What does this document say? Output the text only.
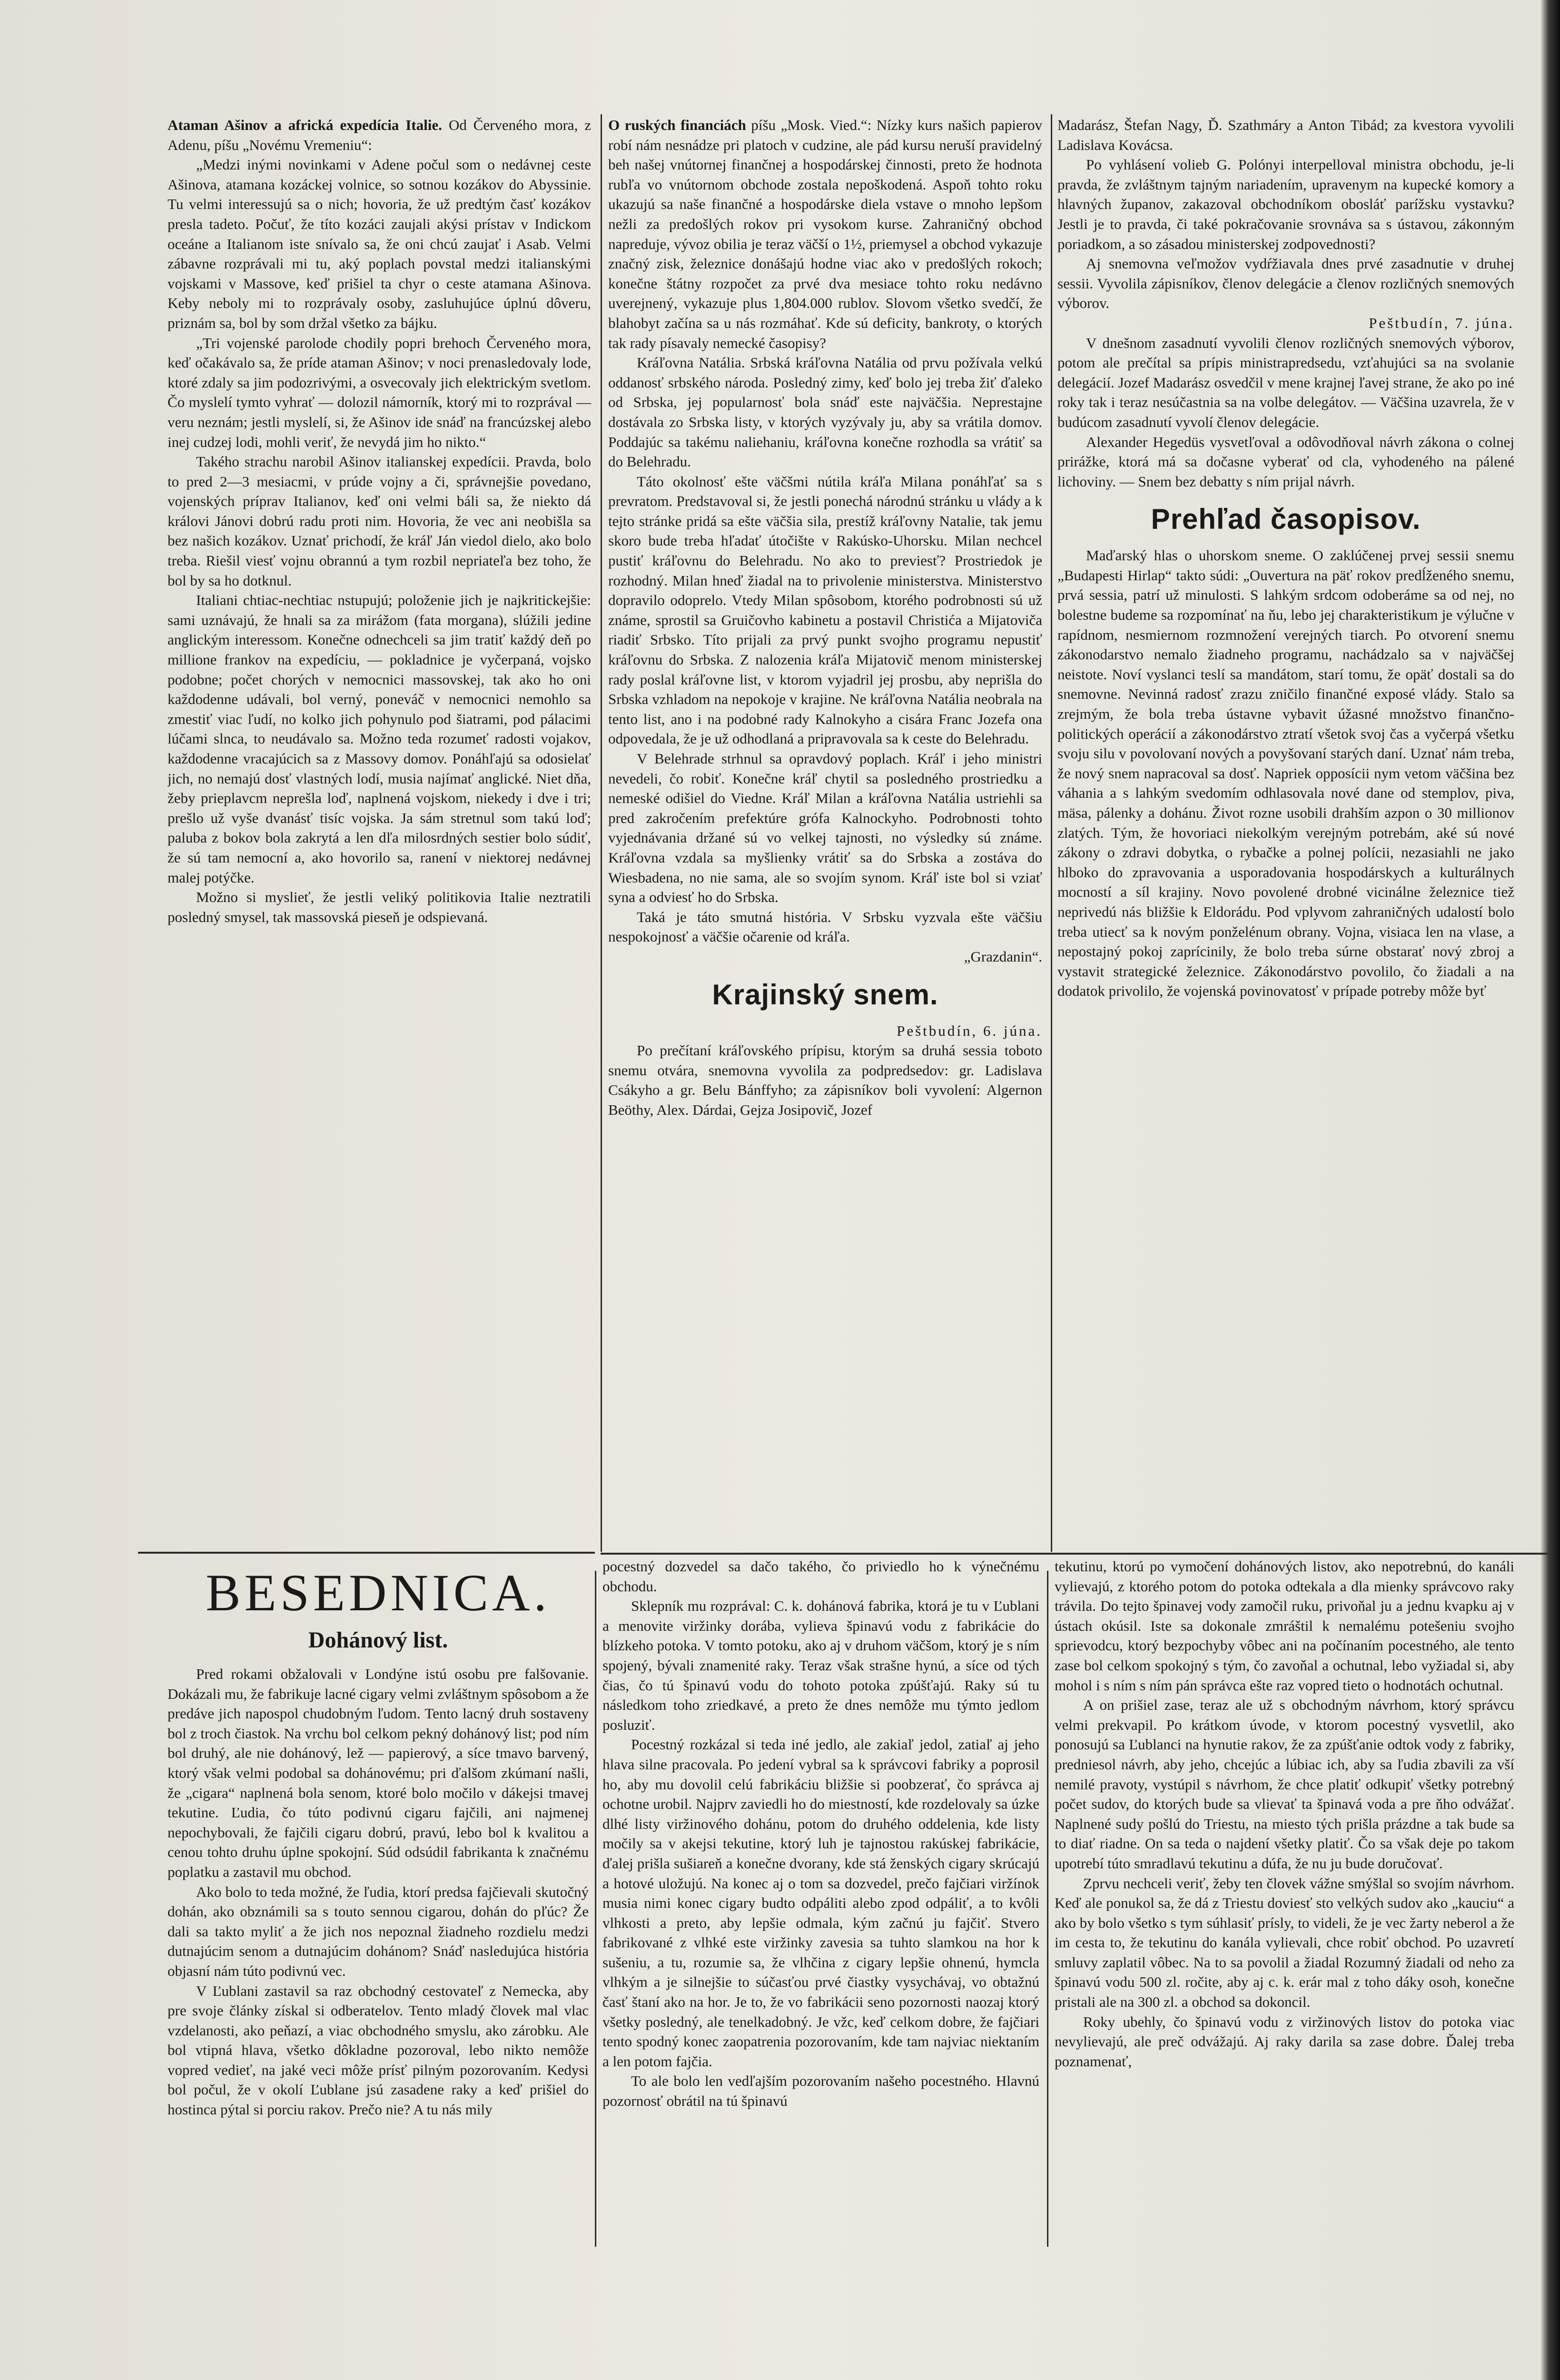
Ataman Ašinov a africká expedícia Italie. Od Červeného mora, z Adenu, píšu „Novému Vremeniu“:

„Medzi inými novinkami v Adene počul som o nedávnej ceste Ašinova, atamana kozáckej volnice, so sotnou kozákov do Abyssinie. Tu velmi interessujú sa o nich; hovoria, že už predtým časť kozákov presla tadeto. Počuť, že títo kozáci zaujali akýsi prístav v Indickom oceáne a Italianom iste snívalo sa, že oni chcú zaujať i Asab. Velmi zábavne rozprávali mi tu, aký poplach povstal medzi italianskými vojskami v Massove, keď prišiel ta chyr o ceste atamana Ašinova. Keby neboly mi to rozprávaly osoby, zasluhujúce úplnú dôveru, priznám sa, bol by som držal všetko za bájku.

„Tri vojenské parolode chodily popri brehoch Červeného mora, keď očakávalo sa, že príde ataman Ašinov; v noci prenasledovaly lode, ktoré zdaly sa jim podozrivými, a osvecovaly jich elektrickým svetlom. Čo myslelí tymto vyhrať — dolozil námorník, ktorý mi to rozprával — veru neznám; jestli myslelí, si, že Ašinov ide snáď na francúzskej alebo inej cudzej lodi, mohli veriť, že nevydá jim ho nikto.“

Takého strachu narobil Ašinov italianskej expedícii. Pravda, bolo to pred 2—3 mesiacmi, v prúde vojny a či, správnejšie povedano, vojenských príprav Italianov, keď oni velmi báli sa, že niekto dá královi Jánovi dobrú radu proti nim. Hovoria, že vec ani neobišla sa bez našich kozákov. Uznať prichodí, že kráľ Ján viedol dielo, ako bolo treba. Riešil viesť vojnu obrannú a tym rozbil nepriateľa bez toho, že bol by sa ho dotknul.

Italiani chtiac-nechtiac nstupujú; položenie jich je najkritickejšie: sami uznávajú, že hnali sa za mirážom (fata morgana), slúžili jedine anglickým interessom. Konečne odnechceli sa jim tratiť každý deň po millione frankov na expedíciu, — pokladnice je vyčerpaná, vojsko podobne; počet chorých v nemocnici massovskej, tak ako ho oni každodenne udávali, bol verný, poneváč v nemocnici nemohlo sa zmestiť viac ľudí, no kolko jich pohynulo pod šiatrami, pod pálacimi lúčami slnca, to neudávalo sa. Možno teda rozumeť radosti vojakov, každodenne vracajúcich sa z Massovy domov. Ponáhľajú sa odosielať jich, no nemajú dosť vlastných lodí, musia najímať anglické. Niet dňa, žeby prieplavcm neprešla loď, naplnená vojskom, niekedy i dve i tri; prešlo už vyše dvanásť tisíc vojska. Ja sám stretnul som takú loď; paluba z bokov bola zakrytá a len dľa milosrdných sestier bolo súdiť, že sú tam nemocní a, ako hovorilo sa, ranení v niektorej nedávnej malej potýčke.

Možno si myslieť, že jestli veliký politikovia Italie neztratili posledný smysel, tak massovská pieseň je odspievaná.

O ruských financiách píšu „Mosk. Vied.“: Nízky kurs našich papierov robí nám nesnádze pri platoch v cudzine, ale pád kursu neruší pravidelný beh našej vnútornej finančnej a hospodárskej činnosti, preto že hodnota rubľa vo vnútornom obchode zostala nepoškodená. Aspoň tohto roku ukazujú sa naše finančné a hospodárske diela vstave o mnoho lepšom nežli za predošlých rokov pri vysokom kurse. Zahraničný obchod napreduje, vývoz obilia je teraz väčší o 1½, priemysel a obchod vykazuje značný zisk, železnice donášajú hodne viac ako v predošlých rokoch; konečne štátny rozpočet za prvé dva mesiace tohto roku nedávno uverejnený, vykazuje plus 1,804.000 rublov. Slovom všetko svedčí, že blahobyt začína sa u nás rozmáhať. Kde sú deficity, bankroty, o ktorých tak rady písavaly nemecké časopisy?

Kráľovna Natália. Srbská kráľovna Natália od prvu požívala velkú oddanosť srbského národa. Posledný zimy, keď bolo jej treba žiť ďaleko od Srbska, jej popularnosť bola snáď este najväčšia. Neprestajne dostávala zo Srbska listy, v ktorých vyzývaly ju, aby sa vrátila domov. Poddajúc sa takému naliehaniu, kráľovna konečne rozhodla sa vrátiť sa do Belehradu.

Táto okolnosť ešte väčšmi nútila kráľa Milana ponáhľať sa s prevratom. Predstavoval si, že jestli ponechá národnú stránku u vlády a k tejto stránke pridá sa ešte väčšia sila, prestíž kráľovny Natalie, tak jemu skoro bude treba hľadať útočište v Rakúsko-Uhorsku. Milan nechcel pustiť kráľovnu do Belehradu. No ako to previesť? Prostriedok je rozhodný. Milan hneď žiadal na to privolenie ministerstva. Ministerstvo dopravilo odoprelo. Vtedy Milan spôsobom, ktorého podrobnosti sú už známe, sprostil sa Gruičovho kabinetu a postavil Christića a Mijatoviča riadiť Srbsko. Títo prijali za prvý punkt svojho programu nepustiť kráľovnu do Srbska. Z nalozenia kráľa Mijatovič menom ministerskej rady poslal kráľovne list, v ktorom vyjadril jej prosbu, aby neprišla do Srbska vzhladom na nepokoje v krajine. Ne kráľovna Natália neobrala na tento list, ano i na podobné rady Kalnokyho a cisára Franc Jozefa ona odpovedala, že je už odhodlaná a pripravovala sa k ceste do Belehradu.

V Belehrade strhnul sa opravdový poplach. Kráľ i jeho ministri nevedeli, čo robiť. Konečne kráľ chytil sa posledného prostriedku a nemeské odišiel do Viedne. Kráľ Milan a kráľovna Natália ustriehli sa pred zakročením prefektúre grófa Kalnockyho. Podrobnosti tohto vyjednávania držané sú vo velkej tajnosti, no výsledky sú známe. Kráľovna vzdala sa myšlienky vrátiť sa do Srbska a zostáva do Wiesbadena, no nie sama, ale so svojím synom. Kráľ iste bol si vziať syna a odviesť ho do Srbska.

Taká je táto smutná história. V Srbsku vyzvala ešte väčšiu nespokojnosť a väčšie očarenie od kráľa.

„Grazdanin“.

Krajinský snem.

Peštbudín, 6. júna.

Po prečítaní kráľovského prípisu, ktorým sa druhá sessia toboto snemu otvára, snemovna vyvolila za podpredsedov: gr. Ladislava Csákyho a gr. Belu Bánffyho; za zápisníkov boli vyvolení: Algernon Beöthy, Alex. Dárdai, Gejza Josipovič, Jozef

Madarász, Štefan Nagy, Ď. Szathmáry a Anton Tibád; za kvestora vyvolili Ladislava Kovácsa.

Po vyhlásení volieb G. Polónyi interpelloval ministra obchodu, je-li pravda, že zvláštnym tajným nariadením, upravenym na kupecké komory a hlavných županov, zakazoval obchodníkom obosláť parížsku vystavku? Jestli je to pravda, či také pokračovanie srovnáva sa s ústavou, zákonným poriadkom, a so zásadou ministerskej zodpovednosti?

Aj snemovna veľmožov vydŕžiavala dnes prvé zasadnutie v druhej sessii. Vyvolila zápisníkov, členov delegácie a členov rozličných snemových výborov.

Peštbudín, 7. júna.

V dnešnom zasadnutí vyvolili členov rozličných snemových výborov, potom ale prečítal sa prípis ministrapredsedu, vzťahujúci sa na svolanie delegácií. Jozef Madarász osvedčil v mene krajnej ľavej strane, že ako po iné roky tak i teraz nesúčastnia sa na volbe delegátov. — Väčšina uzavrela, že v budúcom zasadnutí vyvolí členov delegácie.

Alexander Hegedüs vysvetľoval a odôvodňoval návrh zákona o colnej prirážke, ktorá má sa dočasne vyberať od cla, vyhodeného na pálené lichoviny. — Snem bez debatty s ním prijal návrh.

Prehľad časopisov.

Maďarský hlas o uhorskom sneme. O zaklúčenej prvej sessii snemu „Budapesti Hirlap“ takto súdi: „Ouvertura na päť rokov predĺženého snemu, prvá sessia, patrí už minulosti. S lahkým srdcom odoberáme sa od nej, no bolestne budeme sa rozpomínať na ňu, lebo jej charakteristikum je výlučne v rapídnom, nesmiernom rozmnožení verejných tiarch. Po otvorení snemu zákonodarstvo nemalo žiadneho programu, nachádzalo sa v najväčšej neistote. Noví vyslanci teslí sa mandátom, starí tomu, že opäť dostali sa do snemovne. Nevinná radosť zrazu zničilo finančné exposé vlády. Stalo sa zrejmým, že bola treba ústavne vybavit úžasné množstvo finančno-politických operácií a zákonodárstvo ztratí všetok svoj čas a vyčerpá všetku svoju silu v povolovaní nových a povyšovaní starých daní. Uznať nám treba, že nový snem napracoval sa dosť. Napriek opposícii nym vetom väčšina bez váhania a s lahkým svedomím odhlasovala nové dane od stemplov, piva, mäsa, pálenky a dohánu. Život rozne usobili drahším azpon o 30 millionov zlatých. Tým, že hovoriaci niekolkým verejným potrebám, aké sú nové zákony o zdravi dobytka, o rybačke a polnej polícii, nezasiahli ne jako hlboko do zpravovania a usporadovania hospodárskych a kulturálnych mocností a síl krajiny. Novo povolené drobné vicinálne železnice tiež neprivedú nás bližšie k Eldorádu. Pod vplyvom zahraničných udalostí bolo treba utiecť sa k novým ponželénum obrany. Vojna, visiaca len na vlase, a nepostajný pokoj zaprícinily, že bolo treba súrne obstarať nový zbroj a vystavit strategické železnice. Zákonodárstvo povolilo, čo žiadali a na dodatok privolilo, že vojenská povinovatosť v prípade potreby môže byť

BESEDNICA.
Dohánový list.

Pred rokami obžalovali v Londýne istú osobu pre falšovanie. Dokázali mu, že fabrikuje lacné cigary velmi zvláštnym spôsobom a že predáve jich napospol chudobným ľudom. Tento lacný druh sostaveny bol z troch čiastok. Na vrchu bol celkom pekný dohánový list; pod ním bol druhý, ale nie dohánový, lež — papierový, a síce tmavo barvený, ktorý však velmi podobal sa dohánovému; pri ďalšom zkúmaní našli, že „cigara“ naplnená bola senom, ktoré bolo močilo v dákejsi tmavej tekutine. Ľudia, čo túto podivnú cigaru fajčili, ani najmenej nepochybovali, že fajčili cigaru dobrú, pravú, lebo bol k kvalitou a cenou tohto druhu úplne spokojní. Súd odsúdil fabrikanta k značnému poplatku a zastavil mu obchod.

Ako bolo to teda možné, že ľudia, ktorí predsa fajčievali skutočný dohán, ako obznámili sa s touto sennou cigarou, dohán do pľúc? Že dali sa takto myliť a že jich nos nepoznal žiadneho rozdielu medzi dutnajúcim senom a dutnajúcim dohánom? Snáď nasledujúca história objasní nám túto podivnú vec.

V Ľublani zastavil sa raz obchodný cestovateľ z Nemecka, aby pre svoje články získal si odberatelov. Tento mladý človek mal vlac vzdelanosti, ako peňazí, a viac obchodného smyslu, ako zárobku. Ale bol vtipná hlava, všetko dôkladne pozoroval, lebo nikto nemôže vopred vedieť, na jaké veci môže prísť pilným pozorovaním. Kedysi bol počul, že v okolí Ľublane jsú zasadene raky a keď prišiel do hostinca pýtal si porciu rakov. Prečo nie? A tu nás mily

pocestný dozvedel sa dačo takého, čo priviedlo ho k výnečnému obchodu.

Sklepník mu rozprával: C. k. dohánová fabrika, ktorá je tu v Ľublani a menovite viržinky dorába, vylieva špinavú vodu z fabrikácie do blízkeho potoka. V tomto potoku, ako aj v druhom väčšom, ktorý je s ním spojený, bývali znamenité raky. Teraz však strašne hynú, a síce od tých čias, čo tú špinavú vodu do tohoto potoka zpúšťajú. Raky sú tu následkom toho zriedkavé, a preto že dnes nemôže mu týmto jedlom posluziť.

Pocestný rozkázal si teda iné jedlo, ale zakiaľ jedol, zatiaľ aj jeho hlava silne pracovala. Po jedení vybral sa k správcovi fabriky a poprosil ho, aby mu dovolil celú fabrikáciu bližšie si poobzerať, čo správca aj ochotne urobil. Najprv zaviedli ho do miestností, kde rozdelovaly sa úzke dlhé listy viržinového dohánu, potom do druhého oddelenia, kde listy močily sa v akejsi tekutine, ktorý luh je tajnostou rakúskej fabrikácie, ďalej prišla sušiareň a konečne dvorany, kde stá ženských cigary skrúcajú a hotové uložujú. Na konec aj o tom sa dozvedel, prečo fajčiari viržínok musia nimi konec cigary budto odpáliti alebo zpod odpáliť, a to kvôli vlhkosti a preto, aby lepšie odmala, kým začnú ju fajčiť. Stvero fabrikované z vlhké este viržinky zavesia sa tuhto slamkou na hor k sušeniu, a tu, rozumie sa, že vlhčina z cigary lepšie ohnenú, hymcla vlhkým a je silnejšie to súčasťou prvé čiastky vysychávaj, vo obtažnú časť štaní ako na hor. Je to, že vo fabrikácii seno pozornosti naozaj ktorý všetky posledný, ale tenelkadobný. Je vžc, keď celkom dobre, že fajčiari tento spodný konec zaopatrenia pozorovaním, kde tam najviac niektaním a len potom fajčia.

To ale bolo len vedľajším pozorovaním našeho pocestného. Hlavnú pozornosť obrátil na tú špinavú

tekutinu, ktorú po vymočení dohánových listov, ako nepotrebnú, do kanáli vylievajú, z ktorého potom do potoka odtekala a dla mienky správcovo raky trávila. Do tejto špinavej vody zamočil ruku, privoňal ju a jednu kvapku aj v ústach okúsil. Iste sa dokonale zmráštil k nemalému potešeniu svojho sprievodcu, ktorý bezpochyby vôbec ani na počínaním pocestného, ale tento zase bol celkom spokojný s tým, čo zavoňal a ochutnal, lebo vyžiadal si, aby mohol i s ním s ním pán správca ešte raz vopred tieto o hodnotách ochutnal.

A on prišiel zase, teraz ale už s obchodným návrhom, ktorý správcu velmi prekvapil. Po krátkom úvode, v ktorom pocestný vysvetlil, ako ponosujú sa Ľublanci na hynutie rakov, že za zpúšťanie odtok vody z fabriky, predniesol návrh, aby jeho, chcejúc a lúbiac ich, aby sa ľudia zbavili za vší nemilé pravoty, vystúpil s návrhom, že chce platiť odkupiť všetky potrebný počet sudov, do ktorých bude sa vlievať ta špinavá voda a pre ňho odvážať. Naplnené sudy pošlú do Triestu, na miesto tých prišla prázdne a tak bude sa to diať riadne. On sa teda o najdení všetky platiť. Čo sa však deje po takom upotrebí túto smradlavú tekutinu a dúfa, že nu ju bude doručovať.

Zprvu nechceli veriť, žeby ten človek vážne smýšlal so svojím návrhom. Keď ale ponukol sa, že dá z Triestu doviesť sto velkých sudov ako „kauciu“ a ako by bolo všetko s tym súhlasiť prísly, to videli, že je vec žarty neberol a že im cesta to, že tekutinu do kanála vylievali, chce robiť obchod. Po uzavretí smluvy zaplatil vôbec. Na to sa povolil a žiadal Rozumný žiadali od neho za špinavú vodu 500 zl. ročite, aby aj c. k. erár mal z toho dáky osoh, konečne pristali ale na 300 zl. a obchod sa dokoncil.

Roky ubehly, čo špinavú vodu z viržinových listov do potoka viac nevylievajú, ale preč odvážajú. Aj raky darila sa zase dobre. Ďalej treba poznamenať,
